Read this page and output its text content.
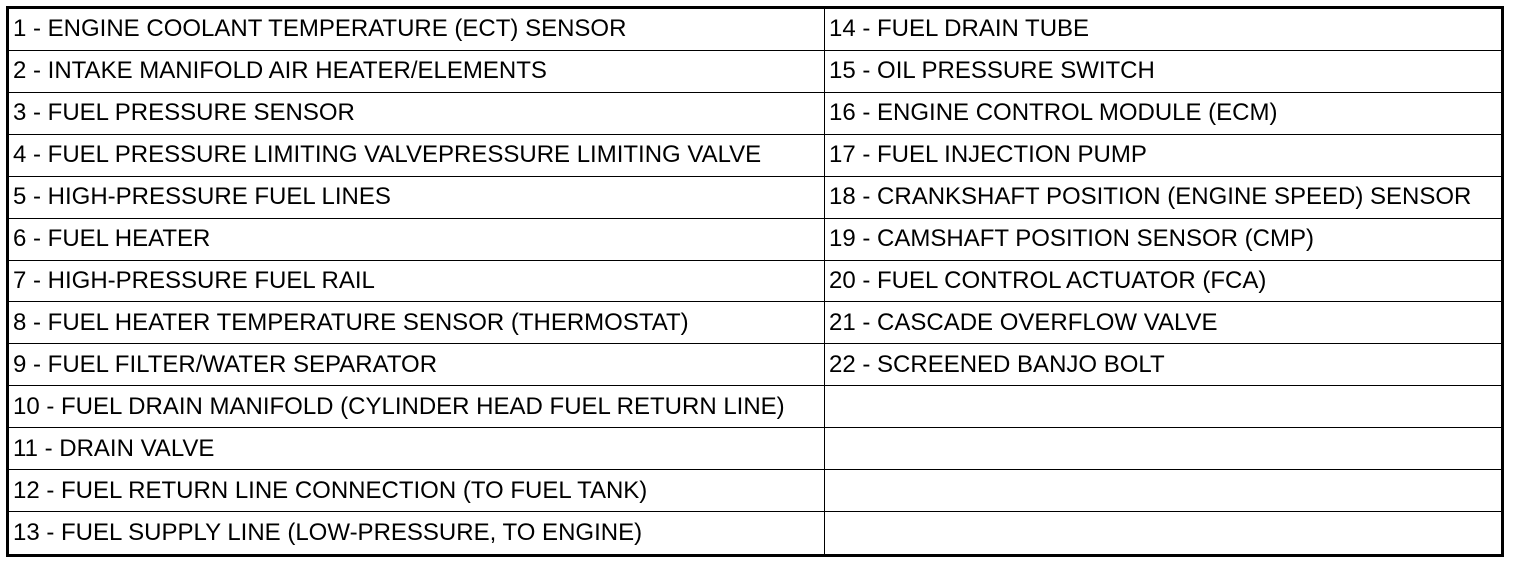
1 - ENGINE COOLANT TEMPERATURE (ECT) SENSOR	14 - FUEL DRAIN TUBE
2 - INTAKE MANIFOLD AIR HEATER/ELEMENTS	15 - OIL PRESSURE SWITCH
3 - FUEL PRESSURE SENSOR	16 - ENGINE CONTROL MODULE (ECM)
4 - FUEL PRESSURE LIMITING VALVEPRESSURE LIMITING VALVE	17 - FUEL INJECTION PUMP
5 - HIGH-PRESSURE FUEL LINES	18 - CRANKSHAFT POSITION (ENGINE SPEED) SENSOR
6 - FUEL HEATER	19 - CAMSHAFT POSITION SENSOR (CMP)
7 - HIGH-PRESSURE FUEL RAIL	20 - FUEL CONTROL ACTUATOR (FCA)
8 - FUEL HEATER TEMPERATURE SENSOR (THERMOSTAT)	21 - CASCADE OVERFLOW VALVE
9 - FUEL FILTER/WATER SEPARATOR	22 - SCREENED BANJO BOLT
10 - FUEL DRAIN MANIFOLD (CYLINDER HEAD FUEL RETURN LINE)
11 - DRAIN VALVE
12 - FUEL RETURN LINE CONNECTION (TO FUEL TANK)
13 - FUEL SUPPLY LINE (LOW-PRESSURE, TO ENGINE)
